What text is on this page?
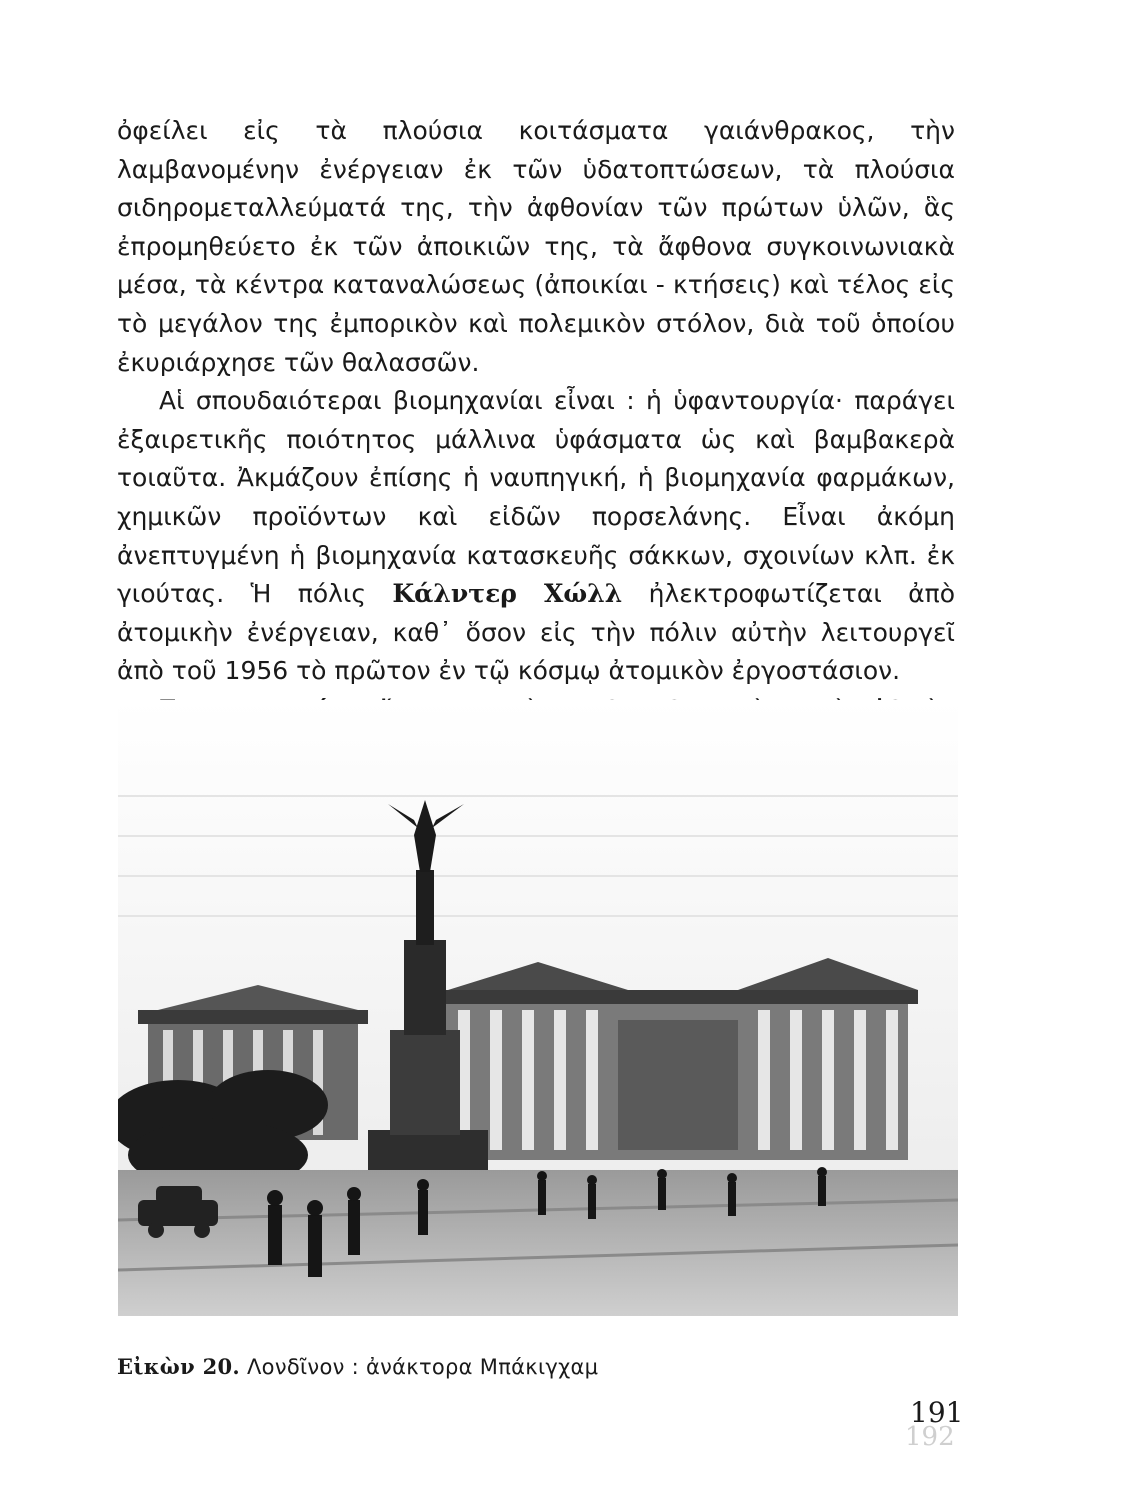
ὀφείλει εἰς τὰ πλούσια κοιτάσματα γαιάνθρακος, τὴν λαμβανομένην ἐνέργειαν ἐκ τῶν ὑδατοπτώσεων, τὰ πλούσια σιδηρομεταλλεύματά της, τὴν ἀφθονίαν τῶν πρώτων ὑλῶν, ἃς ἐπρομηθεύετο ἐκ τῶν ἀποικιῶν της, τὰ ἄφθονα συγκοινωνιακὰ μέσα, τὰ κέντρα καταναλώσεως (ἀποικίαι - κτήσεις) καὶ τέλος εἰς τὸ μεγάλον της ἐμπορικὸν καὶ πολεμικὸν στόλον, διὰ τοῦ ὁποίου ἐκυριάρχησε τῶν θαλασσῶν.

Αἱ σπουδαιότεραι βιομηχανίαι εἶναι : ἡ ὑφαντουργία· παράγει ἐξαιρετικῆς ποιότητος μάλλινα ὑφάσματα ὡς καὶ βαμβακερὰ τοιαῦτα. Ἀκμάζουν ἐπίσης ἡ ναυπηγική, ἡ βιομηχανία φαρμάκων, χημικῶν προϊόντων καὶ εἰδῶν πορσελάνης. Εἶναι ἀκόμη ἀνεπτυγμένη ἡ βιομηχανία κατασκευῆς σάκκων, σχοινίων κλπ. ἐκ γιούτας. Ἡ πόλις Κάλντερ Χώλλ ἠλεκτροφωτίζεται ἀπὸ ἀτομικὴν ἐνέργειαν, καθ᾽ ὅσον εἰς τὴν πόλιν αὐτὴν λειτουργεῖ ἀπὸ τοῦ 1956 τὸ πρῶτον ἐν τῷ κόσμῳ ἀτομικὸν ἐργοστάσιον.

Εἰκὼν 20. Λονδῖνον : ἀνάκτορα Μπάκιγχαμ
191
192
